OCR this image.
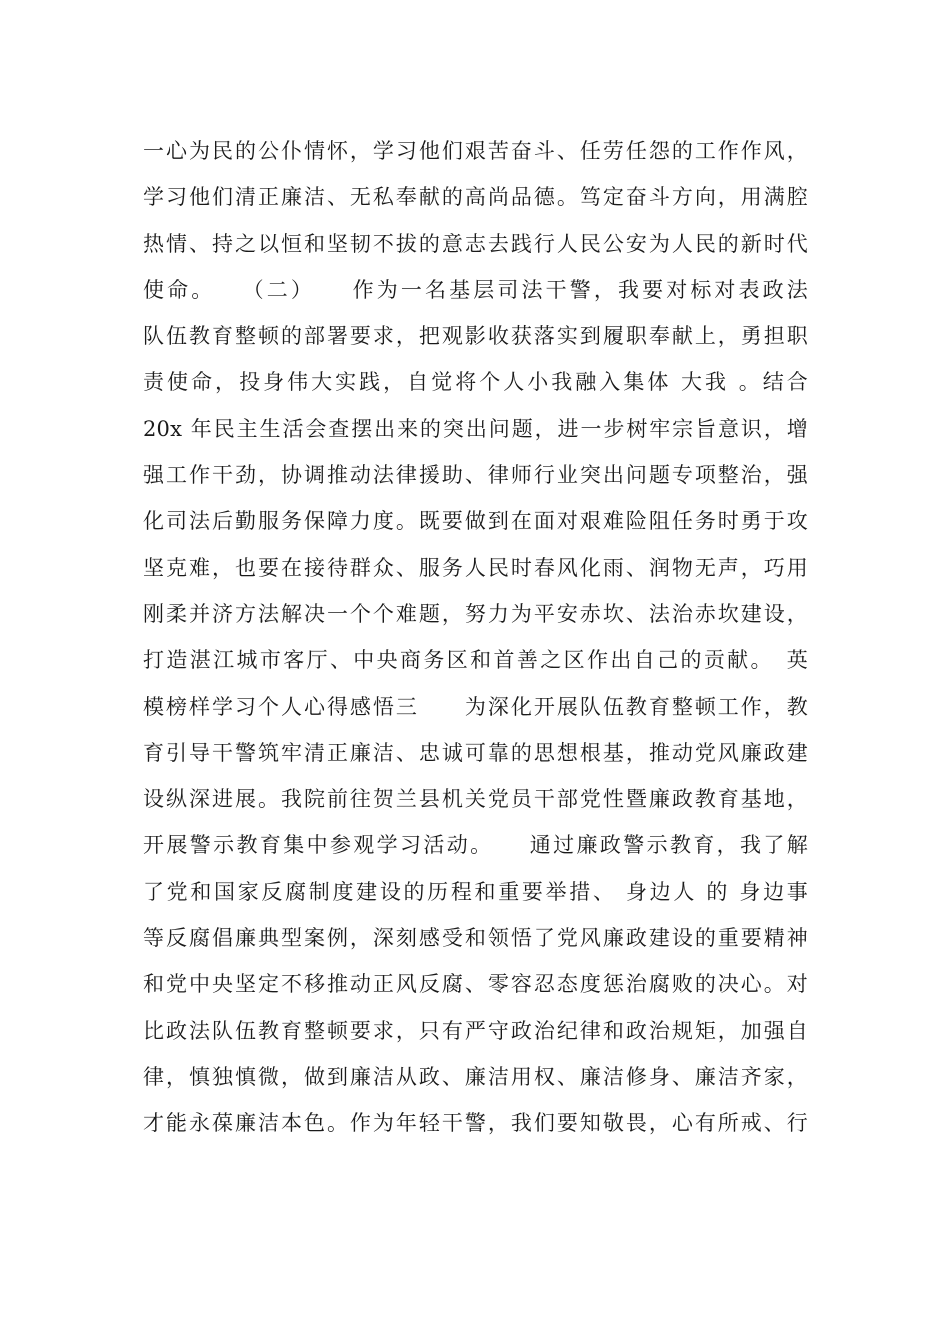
一心为民的公仆情怀，学习他们艰苦奋斗、任劳任怨的工作作风，
学习他们清正廉洁、无私奉献的高尚品德。笃定奋斗方向，用满腔
热情、持之以恒和坚韧不拔的意志去践行人民公安为人民的新时代
使命。　　（二）　　作为一名基层司法干警，我要对标对表政法
队伍教育整顿的部署要求，把观影收获落实到履职奉献上，勇担职
责使命，投身伟大实践，自觉将个人小我融入集体 大我 。结合
20x 年民主生活会查摆出来的突出问题，进一步树牢宗旨意识，增
强工作干劲，协调推动法律援助、律师行业突出问题专项整治，强
化司法后勤服务保障力度。既要做到在面对艰难险阻任务时勇于攻
坚克难，也要在接待群众、服务人民时春风化雨、润物无声，巧用
刚柔并济方法解决一个个难题，努力为平安赤坎、法治赤坎建设，
打造湛江城市客厅、中央商务区和首善之区作出自己的贡献。　英
模榜样学习个人心得感悟三　　为深化开展队伍教育整顿工作，教
育引导干警筑牢清正廉洁、忠诚可靠的思想根基，推动党风廉政建
设纵深进展。我院前往贺兰县机关党员干部党性暨廉政教育基地，
开展警示教育集中参观学习活动。　　通过廉政警示教育，我了解
了党和国家反腐制度建设的历程和重要举措、 身边人 的 身边事
等反腐倡廉典型案例，深刻感受和领悟了党风廉政建设的重要精神
和党中央坚定不移推动正风反腐、零容忍态度惩治腐败的决心。对
比政法队伍教育整顿要求，只有严守政治纪律和政治规矩，加强自
律，慎独慎微，做到廉洁从政、廉洁用权、廉洁修身、廉洁齐家，
才能永葆廉洁本色。作为年轻干警，我们要知敬畏，心有所戒、行
